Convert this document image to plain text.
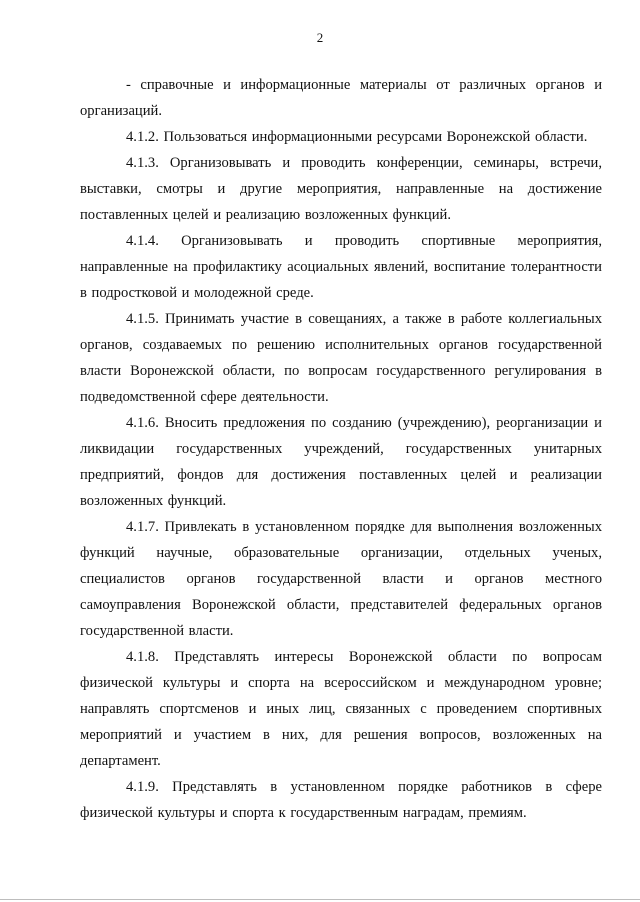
2

- справочные и информационные материалы от различных органов и организаций.

4.1.2. Пользоваться информационными ресурсами Воронежской области.

4.1.3. Организовывать и проводить конференции, семинары, встречи, выставки, смотры и другие мероприятия, направленные на достижение поставленных целей и реализацию возложенных функций.

4.1.4. Организовывать и проводить спортивные мероприятия, направленные на профилактику асоциальных явлений, воспитание толерантности в подростковой и молодежной среде.

4.1.5. Принимать участие в совещаниях, а также в работе коллегиальных органов, создаваемых по решению исполнительных органов государственной власти Воронежской области, по вопросам государственного регулирования в подведомственной сфере деятельности.

4.1.6. Вносить предложения по созданию (учреждению), реорганизации и ликвидации государственных учреждений, государственных унитарных предприятий, фондов для достижения поставленных целей и реализации возложенных функций.

4.1.7. Привлекать в установленном порядке для выполнения возложенных функций научные, образовательные организации, отдельных ученых, специалистов органов государственной власти и органов местного самоуправления Воронежской области, представителей федеральных органов государственной власти.

4.1.8. Представлять интересы Воронежской области по вопросам физической культуры и спорта на всероссийском и международном уровне; направлять спортсменов и иных лиц, связанных с проведением спортивных мероприятий и участием в них, для решения вопросов, возложенных на департамент.

4.1.9. Представлять в установленном порядке работников в сфере физической культуры и спорта к государственным наградам, премиям.
